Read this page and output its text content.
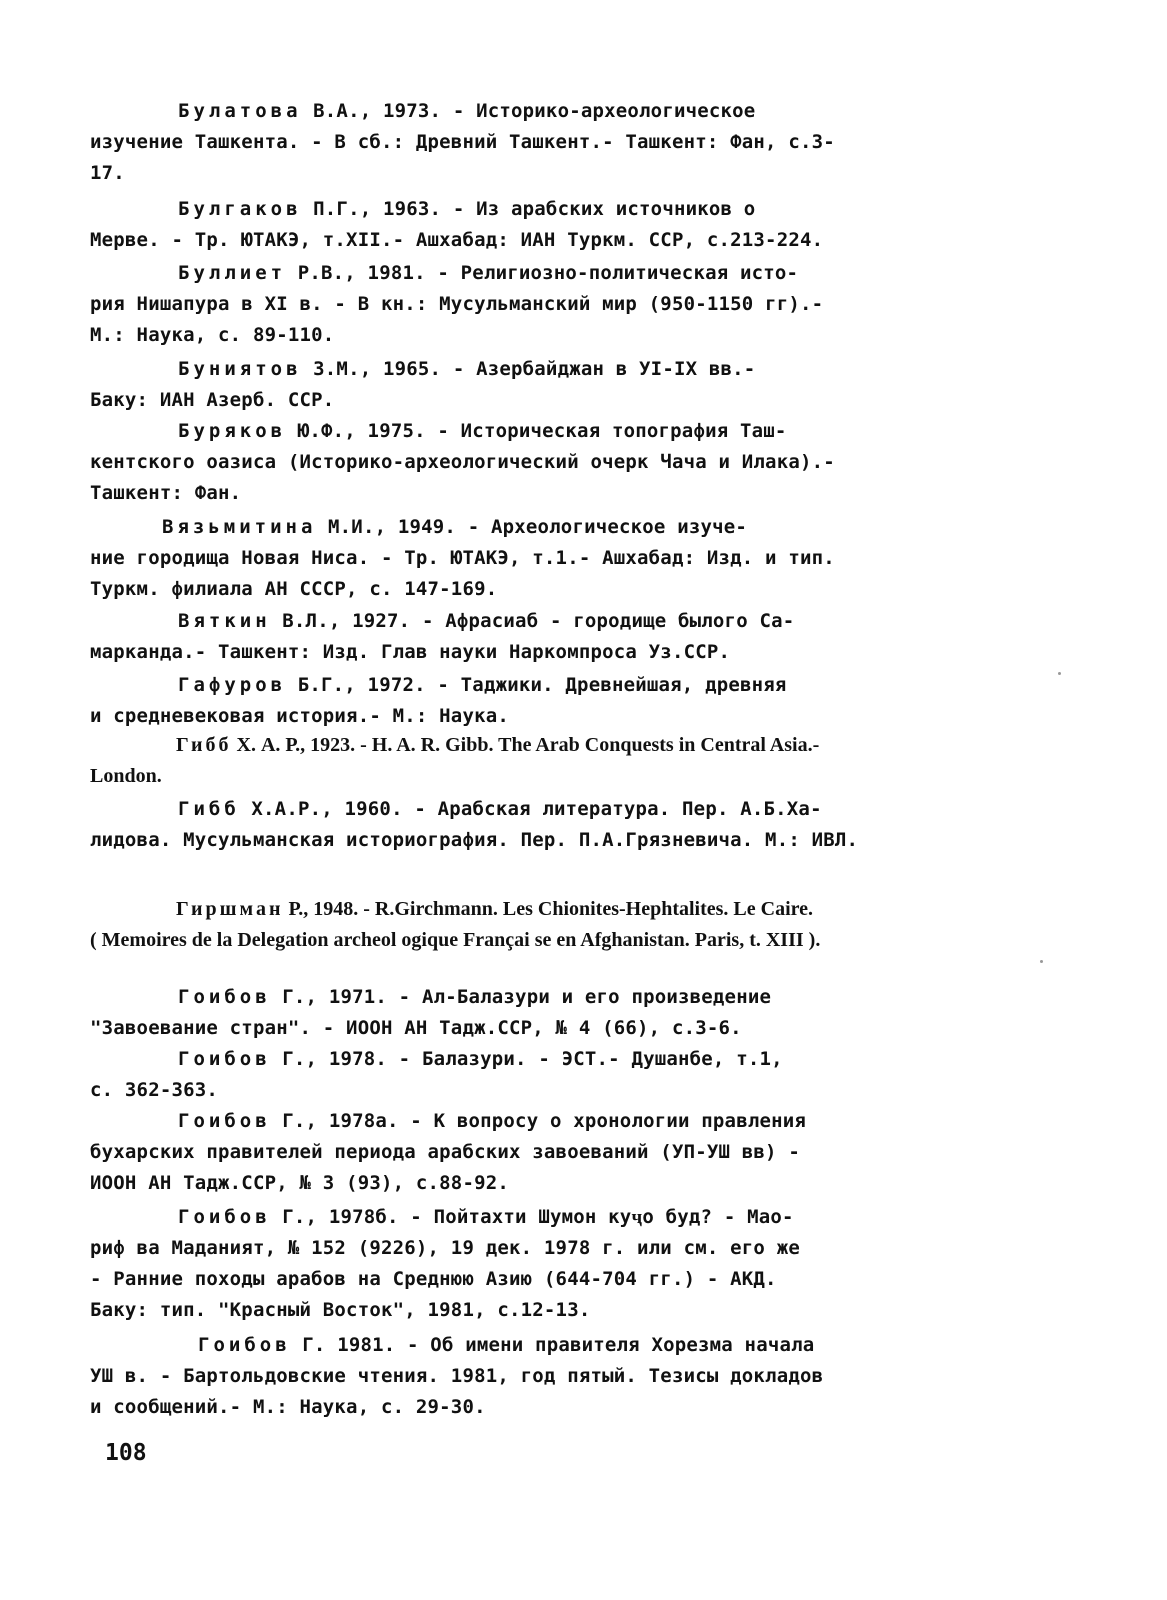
Булатова В.А., 1973. - Историко-археологическое
изучение Ташкента. - В сб.: Древний Ташкент.- Ташкент: Фан, с.3-
17.
Булгаков П.Г., 1963. - Из арабских источников о
Мерве. - Тр. ЮТАКЭ, т.XII.- Ашхабад: ИАН Туркм. ССР, с.213-224.
Буллиет Р.В., 1981. - Религиозно-политическая исто-
рия Нишапура в XI в. - В кн.: Мусульманский мир (950-1150 гг).-
М.: Наука, с. 89-110.
Буниятов З.М., 1965. - Азербайджан в УI-IX вв.-
Баку: ИАН Азерб. ССР.
Буряков Ю.Ф., 1975. - Историческая топография Таш-
кентского оазиса (Историко-археологический очерк Чача и Илака).-
Ташкент: Фан.
Вязьмитина М.И., 1949. - Археологическое изуче-
ние городища Новая Ниса. - Тр. ЮТАКЭ, т.1.- Ашхабад: Изд. и тип.
Туркм. филиала АН СССР, с. 147-169.
Вяткин В.Л., 1927. - Афрасиаб - городище былого Са-
марканда.- Ташкент: Изд. Глав науки Наркомпроса Уз.ССР.
Гафуров Б.Г., 1972. - Таджики. Древнейшая, древняя
и средневековая история.- М.: Наука.
Гибб Х. А. Р., 1923. - H. A. R. Gibb. The Arab Conquests in Central Asia.-
London.
Гибб Х.А.Р., 1960. - Арабская литература. Пер. А.Б.Ха-
лидова. Мусульманская историография. Пер. П.А.Грязневича. М.: ИВЛ.
Гиршман Р., 1948. - R.Girchmann. Les Chionites-Hephtalites. Le Caire.
( Memoires de la Delegation archeol ogique Françai se en Afghanistan. Paris, t. XIII ).
Гоибов Г., 1971. - Ал-Балазури и его произведение
"Завоевание стран". - ИООН АН Тадж.ССР, № 4 (66), с.3-6.
Гоибов Г., 1978. - Балазури. - ЭСТ.- Душанбе, т.1,
с. 362-363.
Гоибов Г., 1978а. - К вопросу о хронологии правления
бухарских правителей периода арабских завоеваний (УП-УШ вв) -
ИООН АН Тадж.ССР, № 3 (93), с.88-92.
Гоибов Г., 1978б. - Пойтахти Шумон куҷо буд? - Мао-
риф ва Маданият, № 152 (9226), 19 дек. 1978 г. или см. его же
- Ранние походы арабов на Среднюю Азию (644-704 гг.) - АКД.
Баку: тип. "Красный Восток", 1981, с.12-13.
Гоибов Г. 1981. - Об имени правителя Хорезма начала
УШ в. - Бартольдовские чтения. 1981, год пятый. Тезисы докладов
и сообщений.- М.: Наука, с. 29-30.
108
